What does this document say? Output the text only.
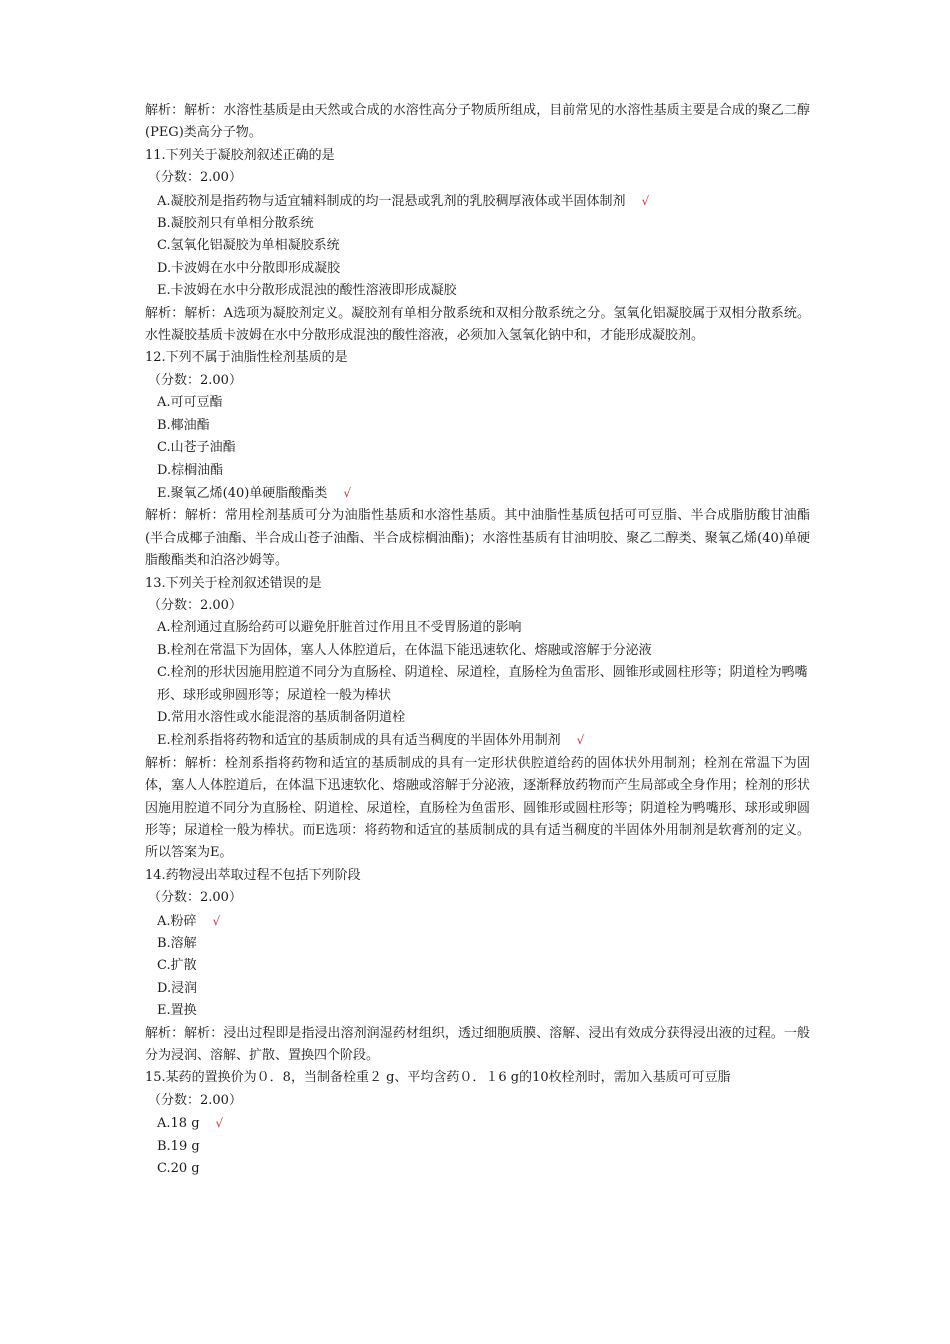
解析：解析：水溶性基质是由天然或合成的水溶性高分子物质所组成，目前常见的水溶性基质主要是合成的聚乙二醇(PEG)类高分子物。
11.下列关于凝胶剂叙述正确的是
（分数：2.00）
A.凝胶剂是指药物与适宜辅料制成的均一混悬或乳剂的乳胶稠厚液体或半固体制剂 √
B.凝胶剂只有单相分散系统
C.氢氧化铝凝胶为单相凝胶系统
D.卡波姆在水中分散即形成凝胶
E.卡波姆在水中分散形成混浊的酸性溶液即形成凝胶
解析：解析：A选项为凝胶剂定义。凝胶剂有单相分散系统和双相分散系统之分。氢氧化铝凝胶属于双相分散系统。水性凝胶基质卡波姆在水中分散形成混浊的酸性溶液，必须加入氢氧化钠中和，才能形成凝胶剂。
12.下列不属于油脂性栓剂基质的是
（分数：2.00）
A.可可豆酯
B.椰油酯
C.山苍子油酯
D.棕榈油酯
E.聚氧乙烯(40)单硬脂酸酯类 √
解析：解析：常用栓剂基质可分为油脂性基质和水溶性基质。其中油脂性基质包括可可豆脂、半合成脂肪酸甘油酯(半合成椰子油酯、半合成山苍子油酯、半合成棕榈油酯)；水溶性基质有甘油明胶、聚乙二醇类、聚氧乙烯(40)单硬脂酸酯类和泊洛沙姆等。
13.下列关于栓剂叙述错误的是
（分数：2.00）
A.栓剂通过直肠给药可以避免肝脏首过作用且不受胃肠道的影响
B.栓剂在常温下为固体，塞人人体腔道后，在体温下能迅速软化、熔融或溶解于分泌液
C.栓剂的形状因施用腔道不同分为直肠栓、阴道栓、尿道栓，直肠栓为鱼雷形、圆锥形或圆柱形等；阴道栓为鸭嘴形、球形或卵圆形等；尿道栓一般为棒状
D.常用水溶性或水能混溶的基质制备阴道栓
E.栓剂系指将药物和适宜的基质制成的具有适当稠度的半固体外用制剂 √
解析：解析：栓剂系指将药物和适宜的基质制成的具有一定形状供腔道给药的固体状外用制剂；栓剂在常温下为固体，塞人人体腔道后，在体温下迅速软化、熔融或溶解于分泌液，逐渐释放药物而产生局部或全身作用；栓剂的形状因施用腔道不同分为直肠栓、阴道栓、尿道栓，直肠栓为鱼雷形、圆锥形或圆柱形等；阴道栓为鸭嘴形、球形或卵圆形等；尿道栓一般为棒状。而E选项：将药物和适宜的基质制成的具有适当稠度的半固体外用制剂是软膏剂的定义。所以答案为E。
14.药物浸出萃取过程不包括下列阶段
（分数：2.00）
A.粉碎 √
B.溶解
C.扩散
D.浸润
E.置换
解析：解析：浸出过程即是指浸出溶剂润湿药材组织，透过细胞质膜、溶解、浸出有效成分获得浸出液的过程。一般分为浸润、溶解、扩散、置换四个阶段。
15.某药的置换价为０．8，当制备栓重２ g、平均含药０．１6 g的10枚栓剂时，需加入基质可可豆脂
（分数：2.00）
A.18 g √
B.19 g
C.20 g
